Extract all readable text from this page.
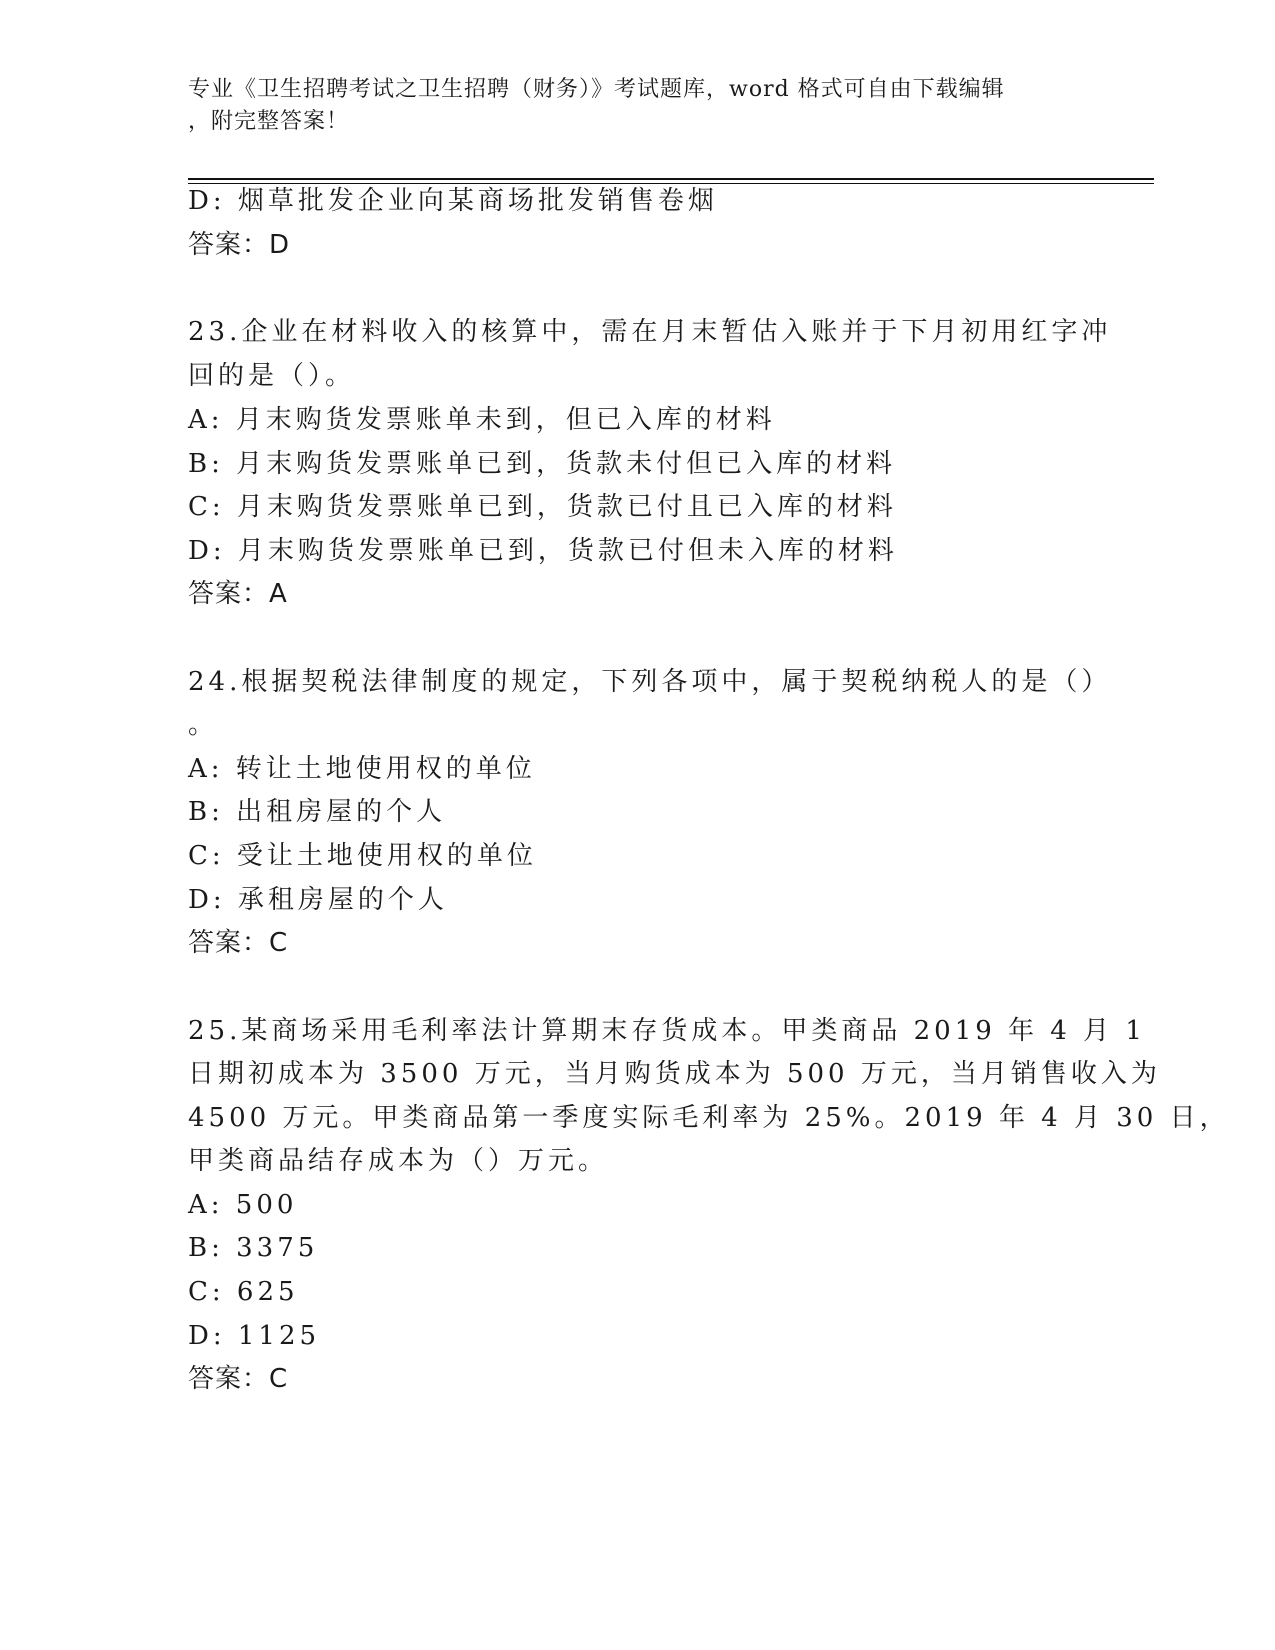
专业《卫生招聘考试之卫生招聘（财务）》考试题库，word 格式可自由下载编辑
，附完整答案！
D: 烟草批发企业向某商场批发销售卷烟
答案：D
23.企业在材料收入的核算中，需在月末暂估入账并于下月初用红字冲
回的是（）。
A: 月末购货发票账单未到，但已入库的材料
B: 月末购货发票账单已到，货款未付但已入库的材料
C: 月末购货发票账单已到，货款已付且已入库的材料
D: 月末购货发票账单已到，货款已付但未入库的材料
答案：A
24.根据契税法律制度的规定，下列各项中，属于契税纳税人的是（）
。
A: 转让土地使用权的单位
B: 出租房屋的个人
C: 受让土地使用权的单位
D: 承租房屋的个人
答案：C
25.某商场采用毛利率法计算期末存货成本。甲类商品 2019 年 4 月 1
日期初成本为 3500 万元，当月购货成本为 500 万元，当月销售收入为
4500 万元。甲类商品第一季度实际毛利率为 25%。2019 年 4 月 30 日，
甲类商品结存成本为（）万元。
A: 500
B: 3375
C: 625
D: 1125
答案：C
